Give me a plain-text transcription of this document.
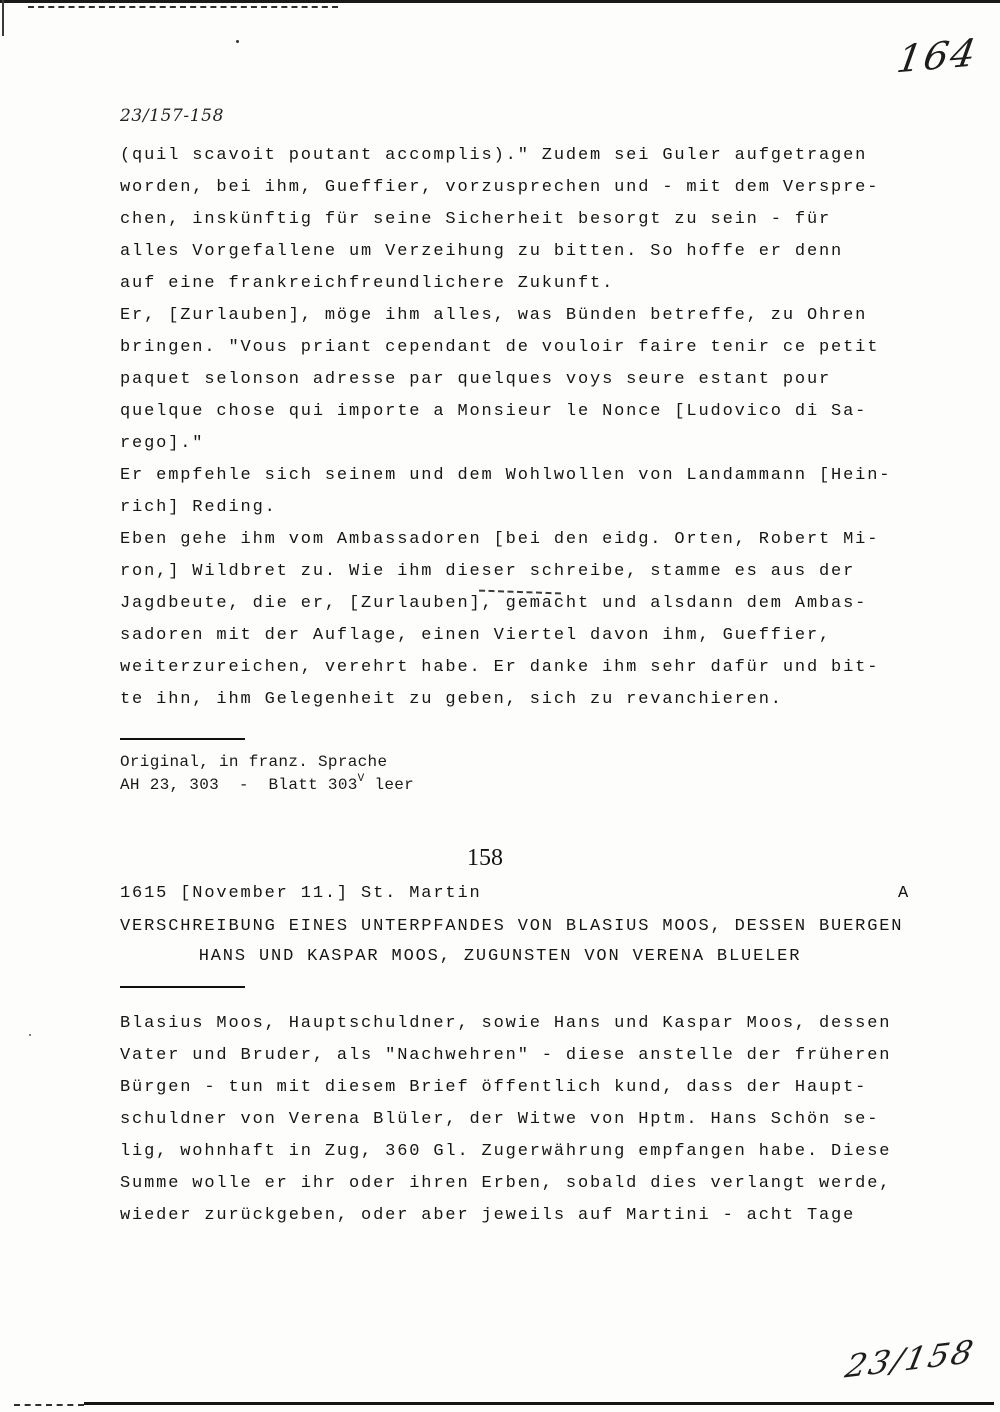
23/157-158
164
(quil scavoit poutant accomplis)." Zudem sei Guler aufgetragen
worden, bei ihm, Gueffier, vorzusprechen und - mit dem Verspre-
chen, inskünftig für seine Sicherheit besorgt zu sein - für
alles Vorgefallene um Verzeihung zu bitten. So hoffe er denn
auf eine frankreichfreundlichere Zukunft.
Er, [Zurlauben], möge ihm alles, was Bünden betreffe, zu Ohren
bringen. "Vous priant cependant de vouloir faire tenir ce petit
paquet selonson adresse par quelques voys seure estant pour
quelque chose qui importe a Monsieur le Nonce [Ludovico di Sa-
rego]."
Er empfehle sich seinem und dem Wohlwollen von Landammann [Hein-
rich] Reding.
Eben gehe ihm vom Ambassadoren [bei den eidg. Orten, Robert Mi-
ron,] Wildbret zu. Wie ihm dieser schreibe, stamme es aus der
Jagdbeute, die er, [Zurlauben], gemacht und alsdann dem Ambas-
sadoren mit der Auflage, einen Viertel davon ihm, Gueffier,
weiterzureichen, verehrt habe. Er danke ihm sehr dafür und bit-
te ihn, ihm Gelegenheit zu geben, sich zu revanchieren.
Original, in franz. Sprache
AH 23, 303  -  Blatt $303^V$ leer
158
1615 [November 11.] St. Martin	A
VERSCHREIBUNG EINES UNTERPFANDES VON BLASIUS MOOS, DESSEN BUERGEN
HANS UND KASPAR MOOS, ZUGUNSTEN VON VERENA BLUELER
Blasius Moos, Hauptschuldner, sowie Hans und Kaspar Moos, dessen
Vater und Bruder, als "Nachwehren" - diese anstelle der früheren
Bürgen - tun mit diesem Brief öffentlich kund, dass der Haupt-
schuldner von Verena Blüler, der Witwe von Hptm. Hans Schön se-
lig, wohnhaft in Zug, 360 Gl. Zugerwährung empfangen habe. Diese
Summe wolle er ihr oder ihren Erben, sobald dies verlangt werde,
wieder zurückgeben, oder aber jeweils auf Martini - acht Tage
23/158
